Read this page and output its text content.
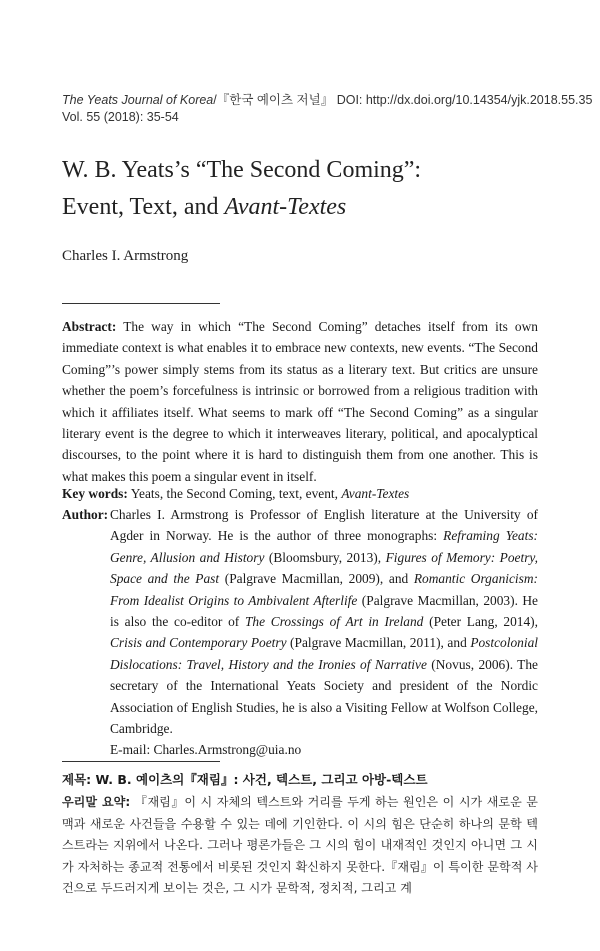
The Yeats Journal of Korea/『한국 예이츠 저널』 DOI: http://dx.doi.org/10.14354/yjk.2018.55.35
Vol. 55 (2018): 35-54
W. B. Yeats’s “The Second Coming”:
Event, Text, and Avant-Textes
Charles I. Armstrong

Abstract: The way in which “The Second Coming” detaches itself from its own immediate context is what enables it to embrace new contexts, new events. “The Second Coming”’s power simply stems from its status as a literary text. But critics are unsure whether the poem’s forcefulness is intrinsic or borrowed from a religious tradition with which it affiliates itself. What seems to mark off “The Second Coming” as a singular literary event is the degree to which it interweaves literary, political, and apocalyptical discourses, to the point where it is hard to distinguish them from one another. This is what makes this poem a singular event in itself.

Key words: Yeats, the Second Coming, text, event, Avant-Textes

Author: Charles I. Armstrong is Professor of English literature at the University of Agder in Norway. He is the author of three monographs: Reframing Yeats: Genre, Allusion and History (Bloomsbury, 2013), Figures of Memory: Poetry, Space and the Past (Palgrave Macmillan, 2009), and Romantic Organicism: From Idealist Origins to Ambivalent Afterlife (Palgrave Macmillan, 2003). He is also the co-editor of The Crossings of Art in Ireland (Peter Lang, 2014), Crisis and Contemporary Poetry (Palgrave Macmillan, 2011), and Postcolonial Dislocations: Travel, History and the Ironies of Narrative (Novus, 2006). The secretary of the International Yeats Society and president of the Nordic Association of English Studies, he is also a Visiting Fellow at Wolfson College, Cambridge.

E-mail: Charles.Armstrong@uia.no
제목: W. B. 예이츠의『재림』: 사건, 텍스트, 그리고 아방-텍스트

우리말 요약: 『재림』이 시 자체의 텍스트와 거리를 두게 하는 원인은 이 시가 새로운 문맥과 새로운 사건들을 수용할 수 있는 데에 기인한다. 이 시의 힘은 단순히 하나의 문학 텍스트라는 지위에서 나온다. 그러나 평론가들은 그 시의 힘이 내재적인 것인지 아니면 그 시가 자처하는 종교적 전통에서 비롯된 것인지 확신하지 못한다.『재림』이 특이한 문학적 사건으로 두드러지게 보이는 것은, 그 시가 문학적, 정치적, 그리고 계
